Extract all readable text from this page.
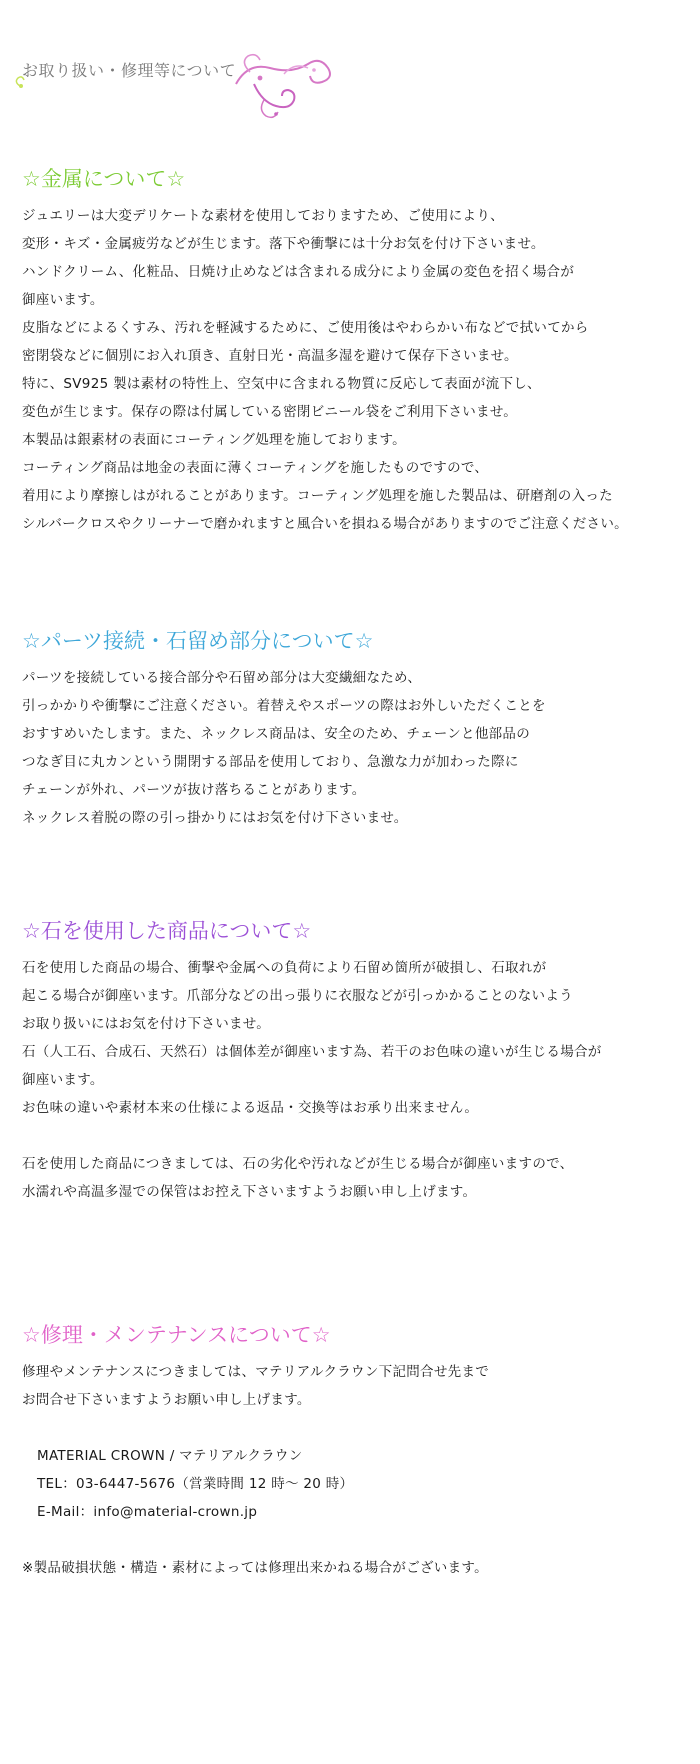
お取り扱い・修理等について
☆金属について☆
ジュエリーは大変デリケートな素材を使用しておりますため、ご使用により、
変形・キズ・金属疲労などが生じます。落下や衝撃には十分お気を付け下さいませ。
ハンドクリーム、化粧品、日焼け止めなどは含まれる成分により金属の変色を招く場合が
御座います。
皮脂などによるくすみ、汚れを軽減するために、ご使用後はやわらかい布などで拭いてから
密閉袋などに個別にお入れ頂き、直射日光・高温多湿を避けて保存下さいませ。
特に、SV925 製は素材の特性上、空気中に含まれる物質に反応して表面が流下し、
変色が生じます。保存の際は付属している密閉ビニール袋をご利用下さいませ。
本製品は銀素材の表面にコーティング処理を施しております。
コーティング商品は地金の表面に薄くコーティングを施したものですので、
着用により摩擦しはがれることがあります。コーティング処理を施した製品は、研磨剤の入った
シルバークロスやクリーナーで磨かれますと風合いを損ねる場合がありますのでご注意ください。
☆パーツ接続・石留め部分について☆
パーツを接続している接合部分や石留め部分は大変繊細なため、
引っかかりや衝撃にご注意ください。着替えやスポーツの際はお外しいただくことを
おすすめいたします。また、ネックレス商品は、安全のため、チェーンと他部品の
つなぎ目に丸カンという開閉する部品を使用しており、急激な力が加わった際に
チェーンが外れ、パーツが抜け落ちることがあります。
ネックレス着脱の際の引っ掛かりにはお気を付け下さいませ。
☆石を使用した商品について☆
石を使用した商品の場合、衝撃や金属への負荷により石留め箇所が破損し、石取れが
起こる場合が御座います。爪部分などの出っ張りに衣服などが引っかかることのないよう
お取り扱いにはお気を付け下さいませ。
石（人工石、合成石、天然石）は個体差が御座います為、若干のお色味の違いが生じる場合が
御座います。
お色味の違いや素材本来の仕様による返品・交換等はお承り出来ません。
石を使用した商品につきましては、石の劣化や汚れなどが生じる場合が御座いますので、
水濡れや高温多湿での保管はお控え下さいますようお願い申し上げます。
☆修理・メンテナンスについて☆
修理やメンテナンスにつきましては、マテリアルクラウン下記問合せ先まで
お問合せ下さいますようお願い申し上げます。
MATERIAL CROWN / マテリアルクラウン
TEL：03-6447-5676（営業時間 12 時～ 20 時）
E-Mail：info@material-crown.jp
※製品破損状態・構造・素材によっては修理出来かねる場合がございます。
